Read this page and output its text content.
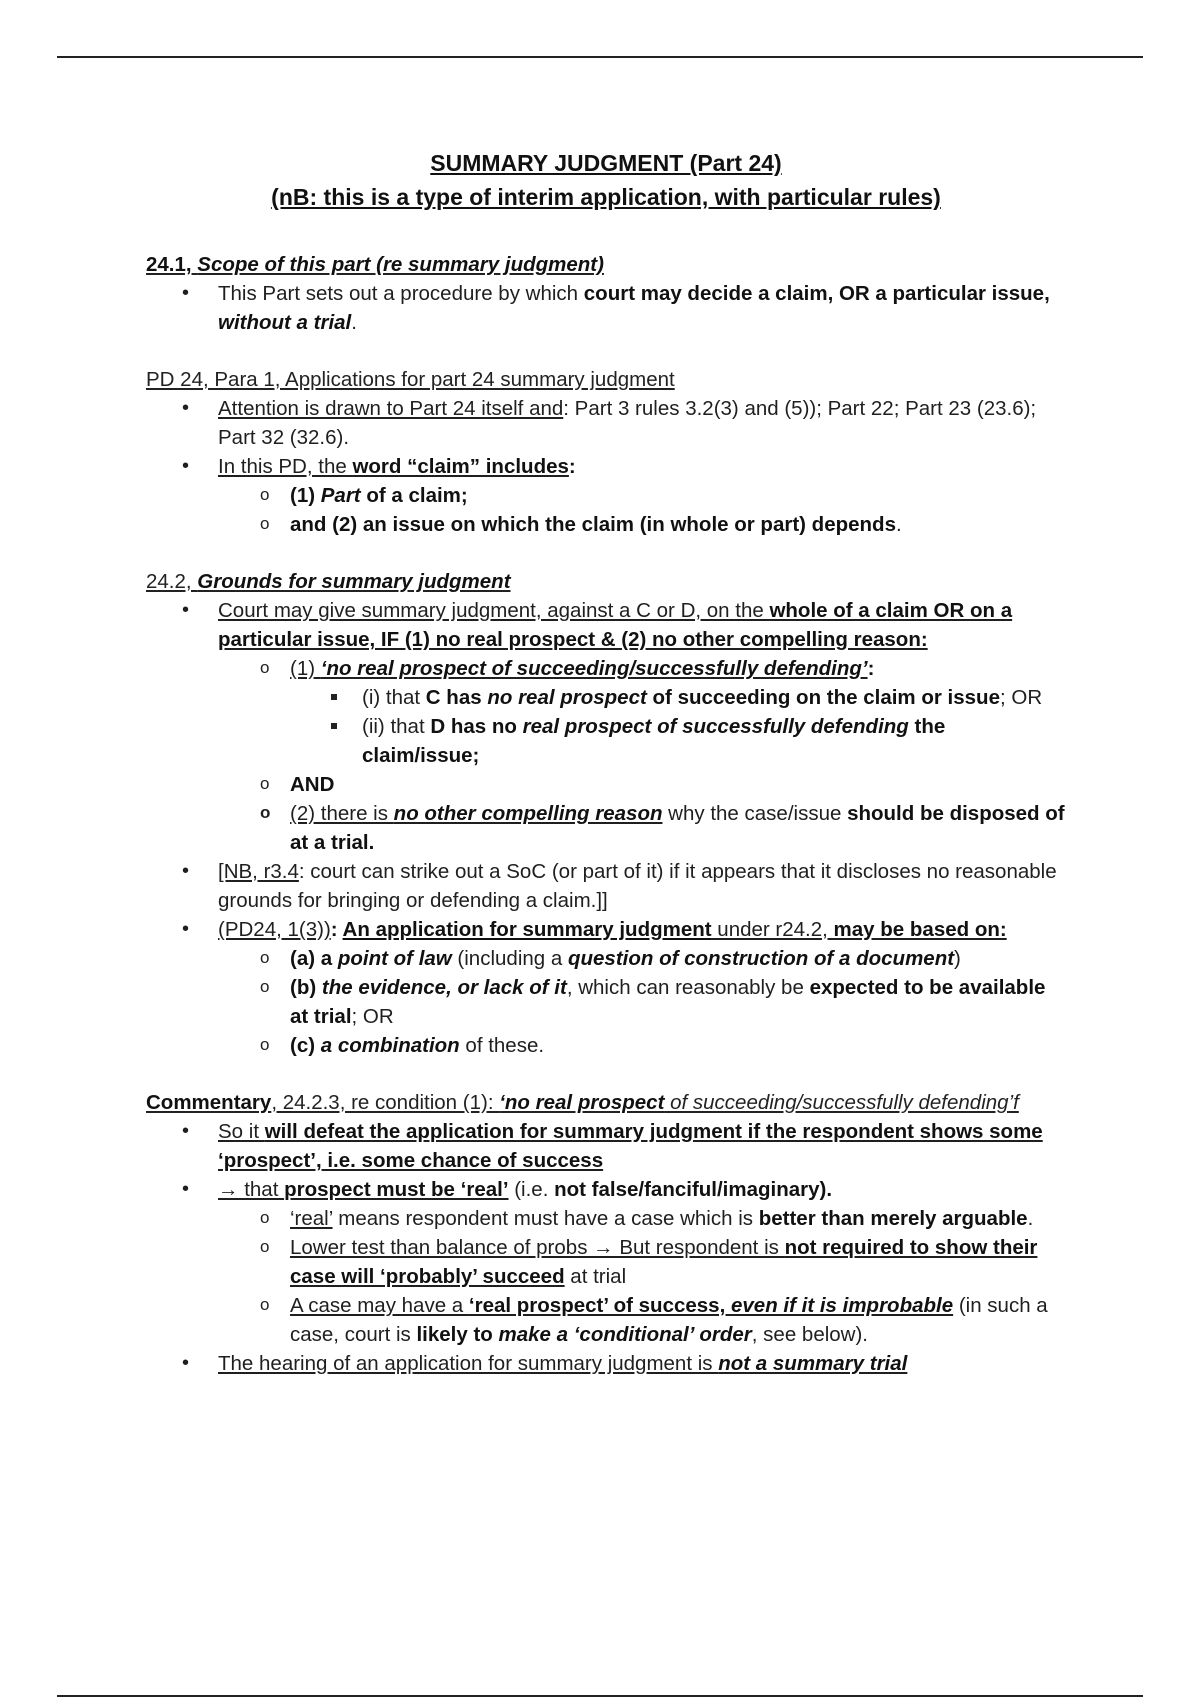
SUMMARY JUDGMENT (Part 24)
(nB: this is a type of interim application, with particular rules)
24.1, Scope of this part (re summary judgment)
• This Part sets out a procedure by which court may decide a claim, OR a particular issue, without a trial.
PD 24, Para 1, Applications for part 24 summary judgment
• Attention is drawn to Part 24 itself and: Part 3 rules 3.2(3) and (5)); Part 22; Part 23 (23.6); Part 32 (32.6).
• In this PD, the word “claim” includes:
o (1) Part of a claim;
o and (2) an issue on which the claim (in whole or part) depends.
24.2, Grounds for summary judgment
• Court may give summary judgment, against a C or D, on the whole of a claim OR on a particular issue, IF (1) no real prospect & (2) no other compelling reason:
o (1) ‘no real prospect of succeeding/successfully defending’:
(i) that C has no real prospect of succeeding on the claim or issue; OR
(ii) that D has no real prospect of successfully defending the claim/issue;
o AND
o (2) there is no other compelling reason why the case/issue should be disposed of at a trial.
• [NB, r3.4: court can strike out a SoC (or part of it) if it appears that it discloses no reasonable grounds for bringing or defending a claim.]]
• (PD24, 1(3)): An application for summary judgment under r24.2, may be based on:
o (a) a point of law (including a question of construction of a document)
o (b) the evidence, or lack of it, which can reasonably be expected to be available at trial; OR
o (c) a combination of these.
Commentary, 24.2.3, re condition (1): ‘no real prospect of succeeding/successfully defending’f
• So it will defeat the application for summary judgment if the respondent shows some ‘prospect’, i.e. some chance of success
• → that prospect must be ‘real’ (i.e. not false/fanciful/imaginary).
o ‘real’ means respondent must have a case which is better than merely arguable.
o Lower test than balance of probs → But respondent is not required to show their case will ‘probably’ succeed at trial
o A case may have a ‘real prospect’ of success, even if it is improbable (in such a case, court is likely to make a ‘conditional’ order, see below).
• The hearing of an application for summary judgment is not a summary trial
